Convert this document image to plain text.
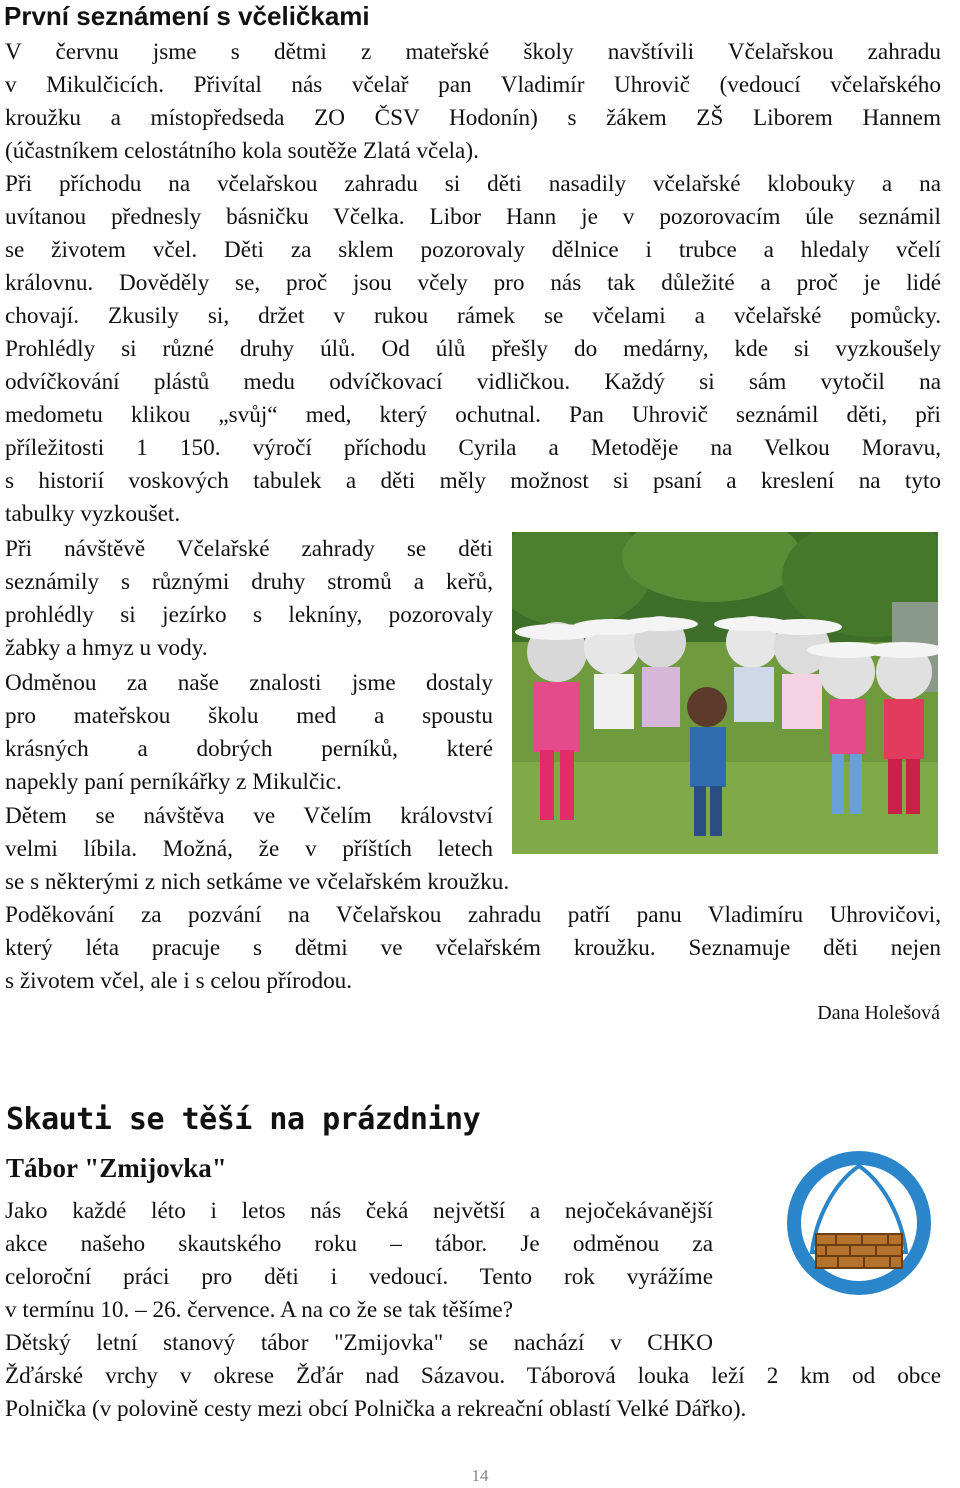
První seznámení s včeličkami

V červnu jsme s dětmi z mateřské školy navštívili Včelařskou zahradu

v Mikulčicích. Přivítal nás včelař pan Vladimír Uhrovič (vedoucí včelařského

kroužku a místopředseda ZO ČSV Hodonín) s žákem ZŠ Liborem Hannem

(účastníkem celostátního kola soutěže Zlatá včela).

Při příchodu na včelařskou zahradu si děti nasadily včelařské klobouky a na

uvítanou přednesly básničku Včelka. Libor Hann je v pozorovacím úle seznámil

se životem včel. Děti za sklem pozorovaly dělnice i trubce a hledaly včelí

královnu. Dověděly se, proč jsou včely pro nás tak důležité a proč je lidé

chovají. Zkusily si, držet v rukou rámek se včelami a včelařské pomůcky.

Prohlédly si různé druhy úlů. Od úlů přešly do medárny, kde si vyzkoušely

odvíčkování plástů medu odvíčkovací vidličkou. Každý si sám vytočil na

medometu klikou „svůj“ med, který ochutnal. Pan Uhrovič seznámil děti, při

příležitosti 1 150. výročí příchodu Cyrila a Metoděje na Velkou Moravu,

s historií voskových tabulek a děti měly možnost si psaní a kreslení na tyto

tabulky vyzkoušet.

Při návštěvě Včelařské zahrady se děti

seznámily s různými druhy stromů a keřů,

prohlédly si jezírko s lekníny, pozorovaly

žabky a hmyz u vody.

Odměnou za naše znalosti jsme dostaly

pro mateřskou školu med a spoustu

krásných a dobrých perníků, které

napekly paní perníkářky z Mikulčic.

Dětem se návštěva ve Včelím království

velmi líbila. Možná, že v příštích letech

se s některými z nich setkáme ve včelařském kroužku.

Poděkování za pozvání na Včelařskou zahradu patří panu Vladimíru Uhrovičovi,

který léta pracuje s dětmi ve včelařském kroužku. Seznamuje děti nejen

s životem včel, ale i s celou přírodou.

Dana Holešová

Skauti se těší na prázdniny
Tábor "Zmijovka"

Jako každé léto i letos nás čeká největší a nejočekávanější

akce našeho skautského roku – tábor. Je odměnou za

celoroční práci pro děti i vedoucí. Tento rok vyrážíme

v termínu 10. – 26. července. A na co že se tak těšíme?

Dětský letní stanový tábor "Zmijovka" se nachází v CHKO

Žďárské vrchy v okrese Žďár nad Sázavou. Táborová louka leží 2 km od obce

Polnička (v polovině cesty mezi obcí Polnička a rekreační oblastí Velké Dářko).

14
